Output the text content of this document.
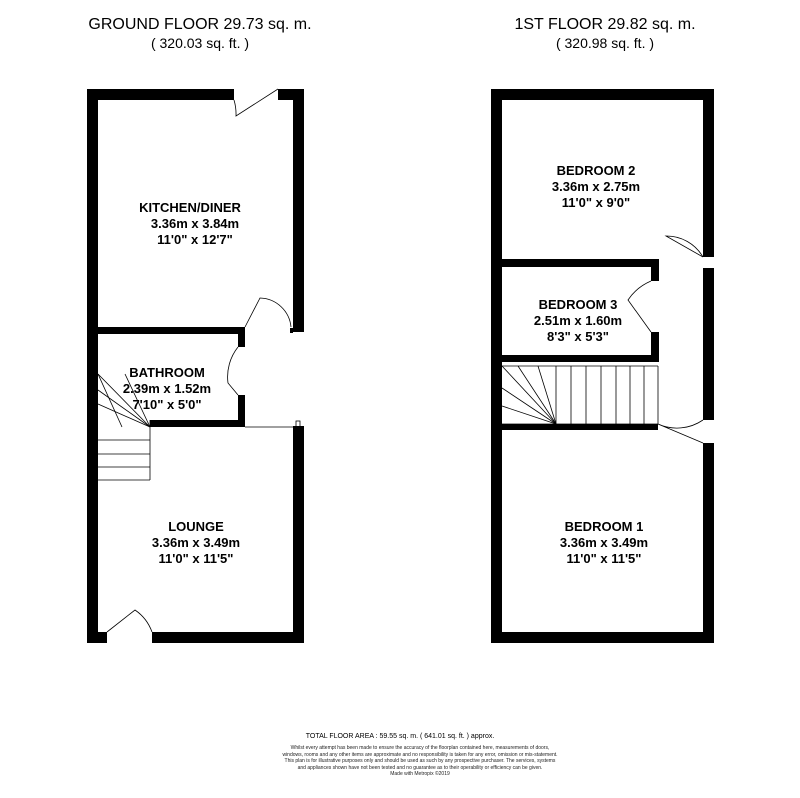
GROUND FLOOR 29.73 sq. m.
( 320.03 sq. ft. )
1ST FLOOR 29.82 sq. m.
( 320.98 sq. ft. )
KITCHEN/DINER
3.36m x 3.84m
11'0" x 12'7"
BATHROOM
2.39m x 1.52m
7'10" x 5'0"
LOUNGE
3.36m x 3.49m
11'0" x 11'5"
BEDROOM 2
3.36m x 2.75m
11'0" x 9'0"
BEDROOM 3
2.51m x 1.60m
8'3" x 5'3"
BEDROOM 1
3.36m x 3.49m
11'0" x 11'5"
TOTAL FLOOR AREA : 59.55 sq. m. ( 641.01 sq. ft. ) approx.
Whilst every attempt has been made to ensure the accuracy of the floorplan contained here, measurements of doors, windows, rooms and any other items are approximate and no responsibility is taken for any error, omission or mis-statement. This plan is for illustrative purposes only and should be used as such by any prospective purchaser. The services, systems and appliances shown have not been tested and no guarantee as to their operability or efficiency can be given.
Made with Metropix ©2019
